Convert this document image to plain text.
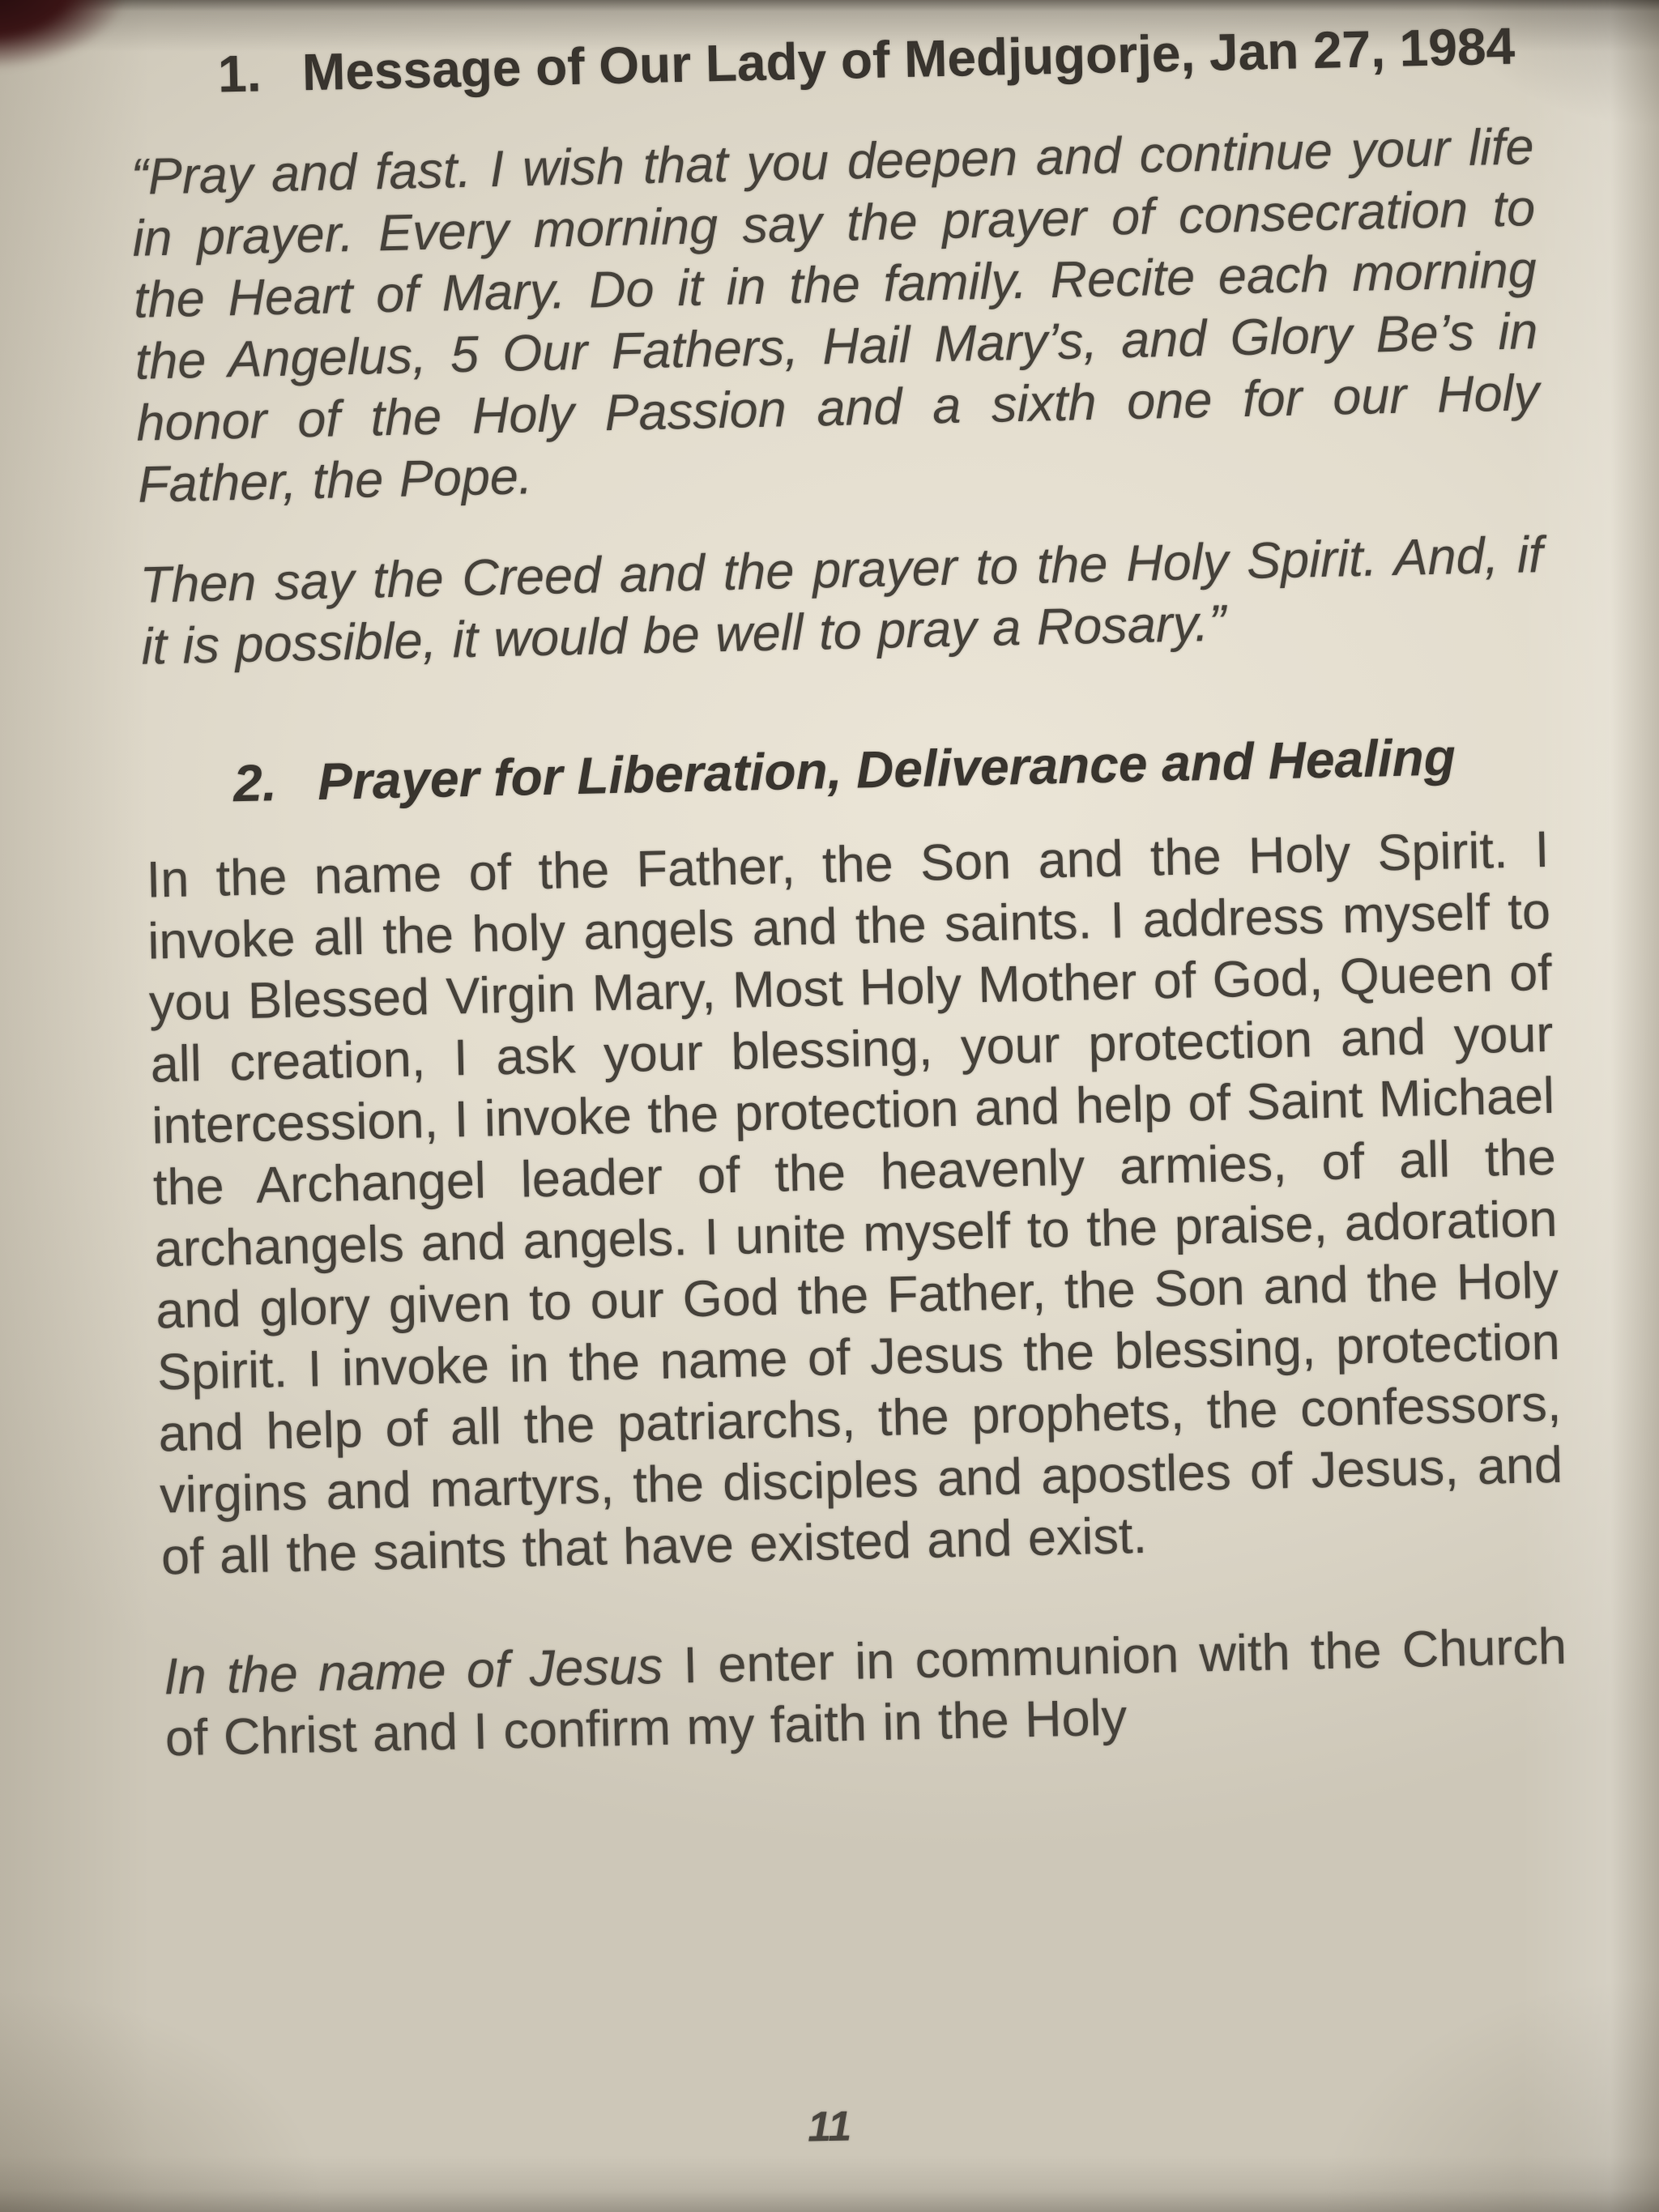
1. Message of Our Lady of Medjugorje, Jan 27, 1984

“Pray and fast. I wish that you deepen and continue your life in prayer. Every morning say the prayer of consecration to the Heart of Mary. Do it in the family. Recite each morning the Angelus, 5 Our Fathers, Hail Mary’s, and Glory Be’s in honor of the Holy Passion and a sixth one for our Holy Father, the Pope.

Then say the Creed and the prayer to the Holy Spirit. And, if it is possible, it would be well to pray a Rosary.”

2. Prayer for Liberation, Deliverance and Healing

In the name of the Father, the Son and the Holy Spirit. I invoke all the holy angels and the saints. I address myself to you Blessed Virgin Mary, Most Holy Mother of God, Queen of all creation, I ask your blessing, your protection and your intercession, I invoke the protection and help of Saint Michael the Archangel leader of the heavenly armies, of all the archangels and angels. I unite myself to the praise, adoration and glory given to our God the Father, the Son and the Holy Spirit. I invoke in the name of Jesus the blessing, protection and help of all the patriarchs, the prophets, the confessors, virgins and martyrs, the disciples and apostles of Jesus, and of all the saints that have existed and exist.

In the name of Jesus I enter in communion with the Church of Christ and I confirm my faith in the Holy

11
